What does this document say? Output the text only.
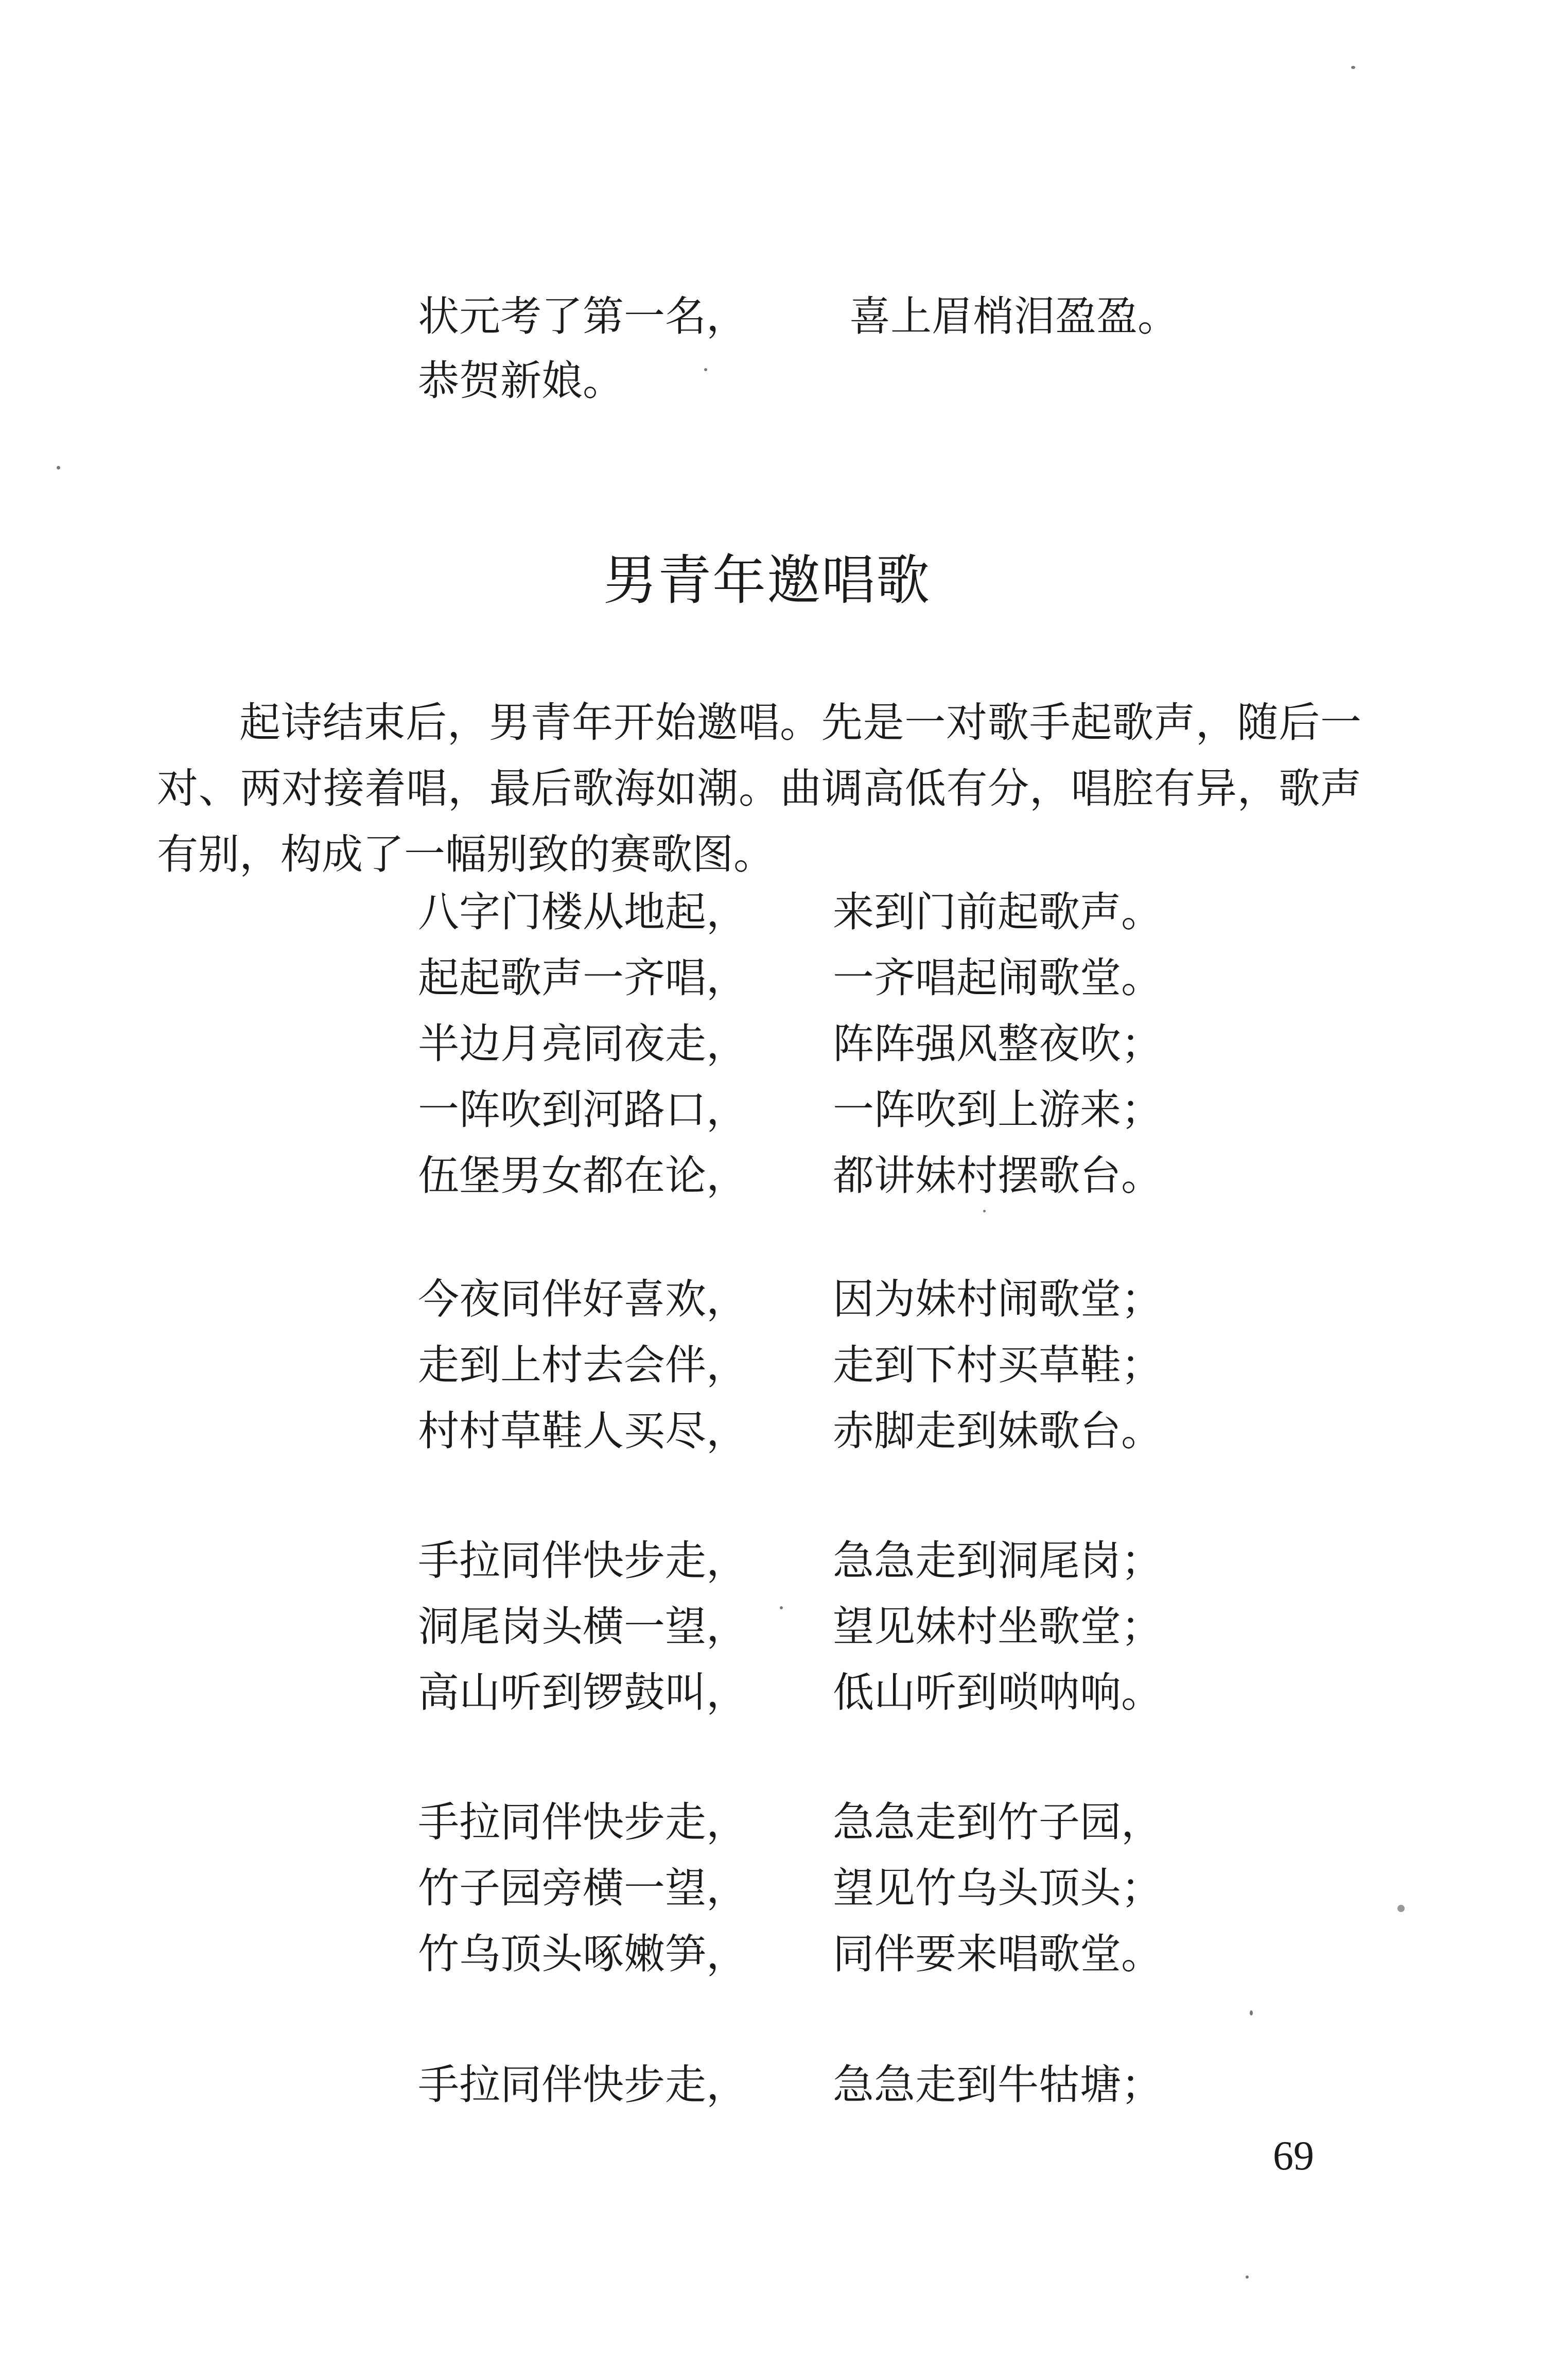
状元考了第一名， 喜上眉梢泪盈盈。
恭贺新娘。
男青年邀唱歌
起诗结束后，男青年开始邀唱。先是一对歌手起歌声，随后一对、两对接着唱，最后歌海如潮。曲调高低有分，唱腔有异，歌声有别，构成了一幅别致的赛歌图。
八字门楼从地起， 来到门前起歌声。
起起歌声一齐唱， 一齐唱起闹歌堂。
半边月亮同夜走， 阵阵强风整夜吹；
一阵吹到河路口， 一阵吹到上游来；
伍堡男女都在论， 都讲妹村摆歌台。
今夜同伴好喜欢， 因为妹村闹歌堂；
走到上村去会伴， 走到下村买草鞋；
村村草鞋人买尽， 赤脚走到妹歌台。
手拉同伴快步走， 急急走到洞尾岗；
洞尾岗头横一望， 望见妹村坐歌堂；
高山听到锣鼓叫， 低山听到唢呐响。
手拉同伴快步走， 急急走到竹子园，
竹子园旁横一望， 望见竹乌头顶头；
竹乌顶头啄嫩笋， 同伴要来唱歌堂。
手拉同伴快步走， 急急走到牛牯塘；
69
